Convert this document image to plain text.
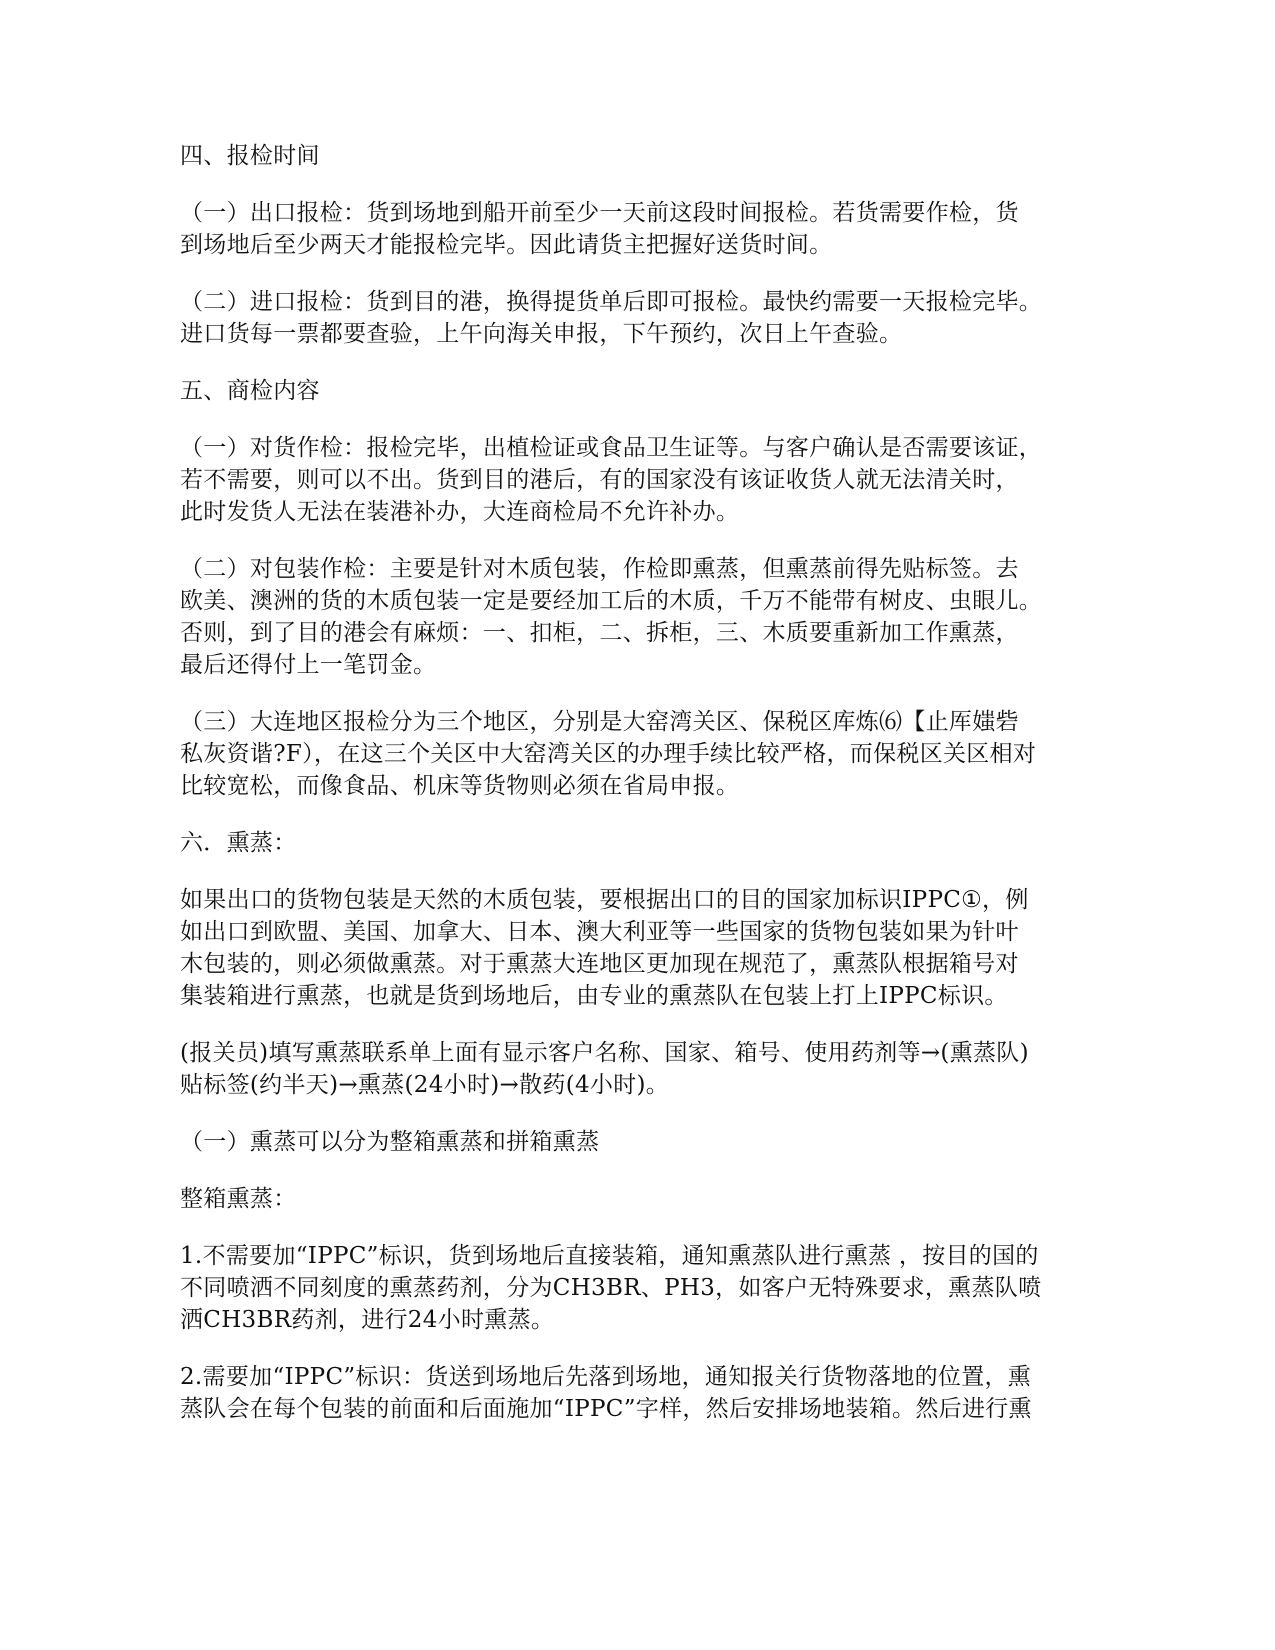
四、报检时间
（一）出口报检：货到场地到船开前至少一天前这段时间报检。若货需要作检，货
到场地后至少两天才能报检完毕。因此请货主把握好送货时间。
（二）进口报检：货到目的港，换得提货单后即可报检。最快约需要一天报检完毕。
进口货每一票都要查验，上午向海关申报，下午预约，次日上午查验。
五、商检内容
（一）对货作检：报检完毕，出植检证或食品卫生证等。与客户确认是否需要该证，
若不需要，则可以不出。货到目的港后，有的国家没有该证收货人就无法清关时，
此时发货人无法在装港补办，大连商检局不允许补办。
（二）对包装作检：主要是针对木质包装，作检即熏蒸，但熏蒸前得先贴标签。去
欧美、澳洲的货的木质包装一定是要经加工后的木质，千万不能带有树皮、虫眼儿。
否则，到了目的港会有麻烦：一、扣柜，二、拆柜，三、木质要重新加工作熏蒸，
最后还得付上一笔罚金。
（三）大连地区报检分为三个地区，分别是大窑湾关区、保税区库炼⑹【止厍媸砦
私灰资谐?F），在这三个关区中大窑湾关区的办理手续比较严格，而保税区关区相对
比较宽松，而像食品、机床等货物则必须在省局申报。
六．熏蒸：
如果出口的货物包装是天然的木质包装，要根据出口的目的国家加标识IPPC①，例
如出口到欧盟、美国、加拿大、日本、澳大利亚等一些国家的货物包装如果为针叶
木包装的，则必须做熏蒸。对于熏蒸大连地区更加现在规范了，熏蒸队根据箱号对
集装箱进行熏蒸，也就是货到场地后，由专业的熏蒸队在包装上打上IPPC标识。
(报关员)填写熏蒸联系单上面有显示客户名称、国家、箱号、使用药剂等→(熏蒸队)
贴标签(约半天)→熏蒸(24小时)→散药(4小时)。
（一）熏蒸可以分为整箱熏蒸和拼箱熏蒸
整箱熏蒸：
1.不需要加“IPPC”标识，货到场地后直接装箱，通知熏蒸队进行熏蒸 ，按目的国的
不同喷洒不同刻度的熏蒸药剂，分为CH3BR、PH3，如客户无特殊要求，熏蒸队喷
洒CH3BR药剂，进行24小时熏蒸。
2.需要加“IPPC”标识：货送到场地后先落到场地，通知报关行货物落地的位置，熏
蒸队会在每个包装的前面和后面施加“IPPC”字样，然后安排场地装箱。然后进行熏
